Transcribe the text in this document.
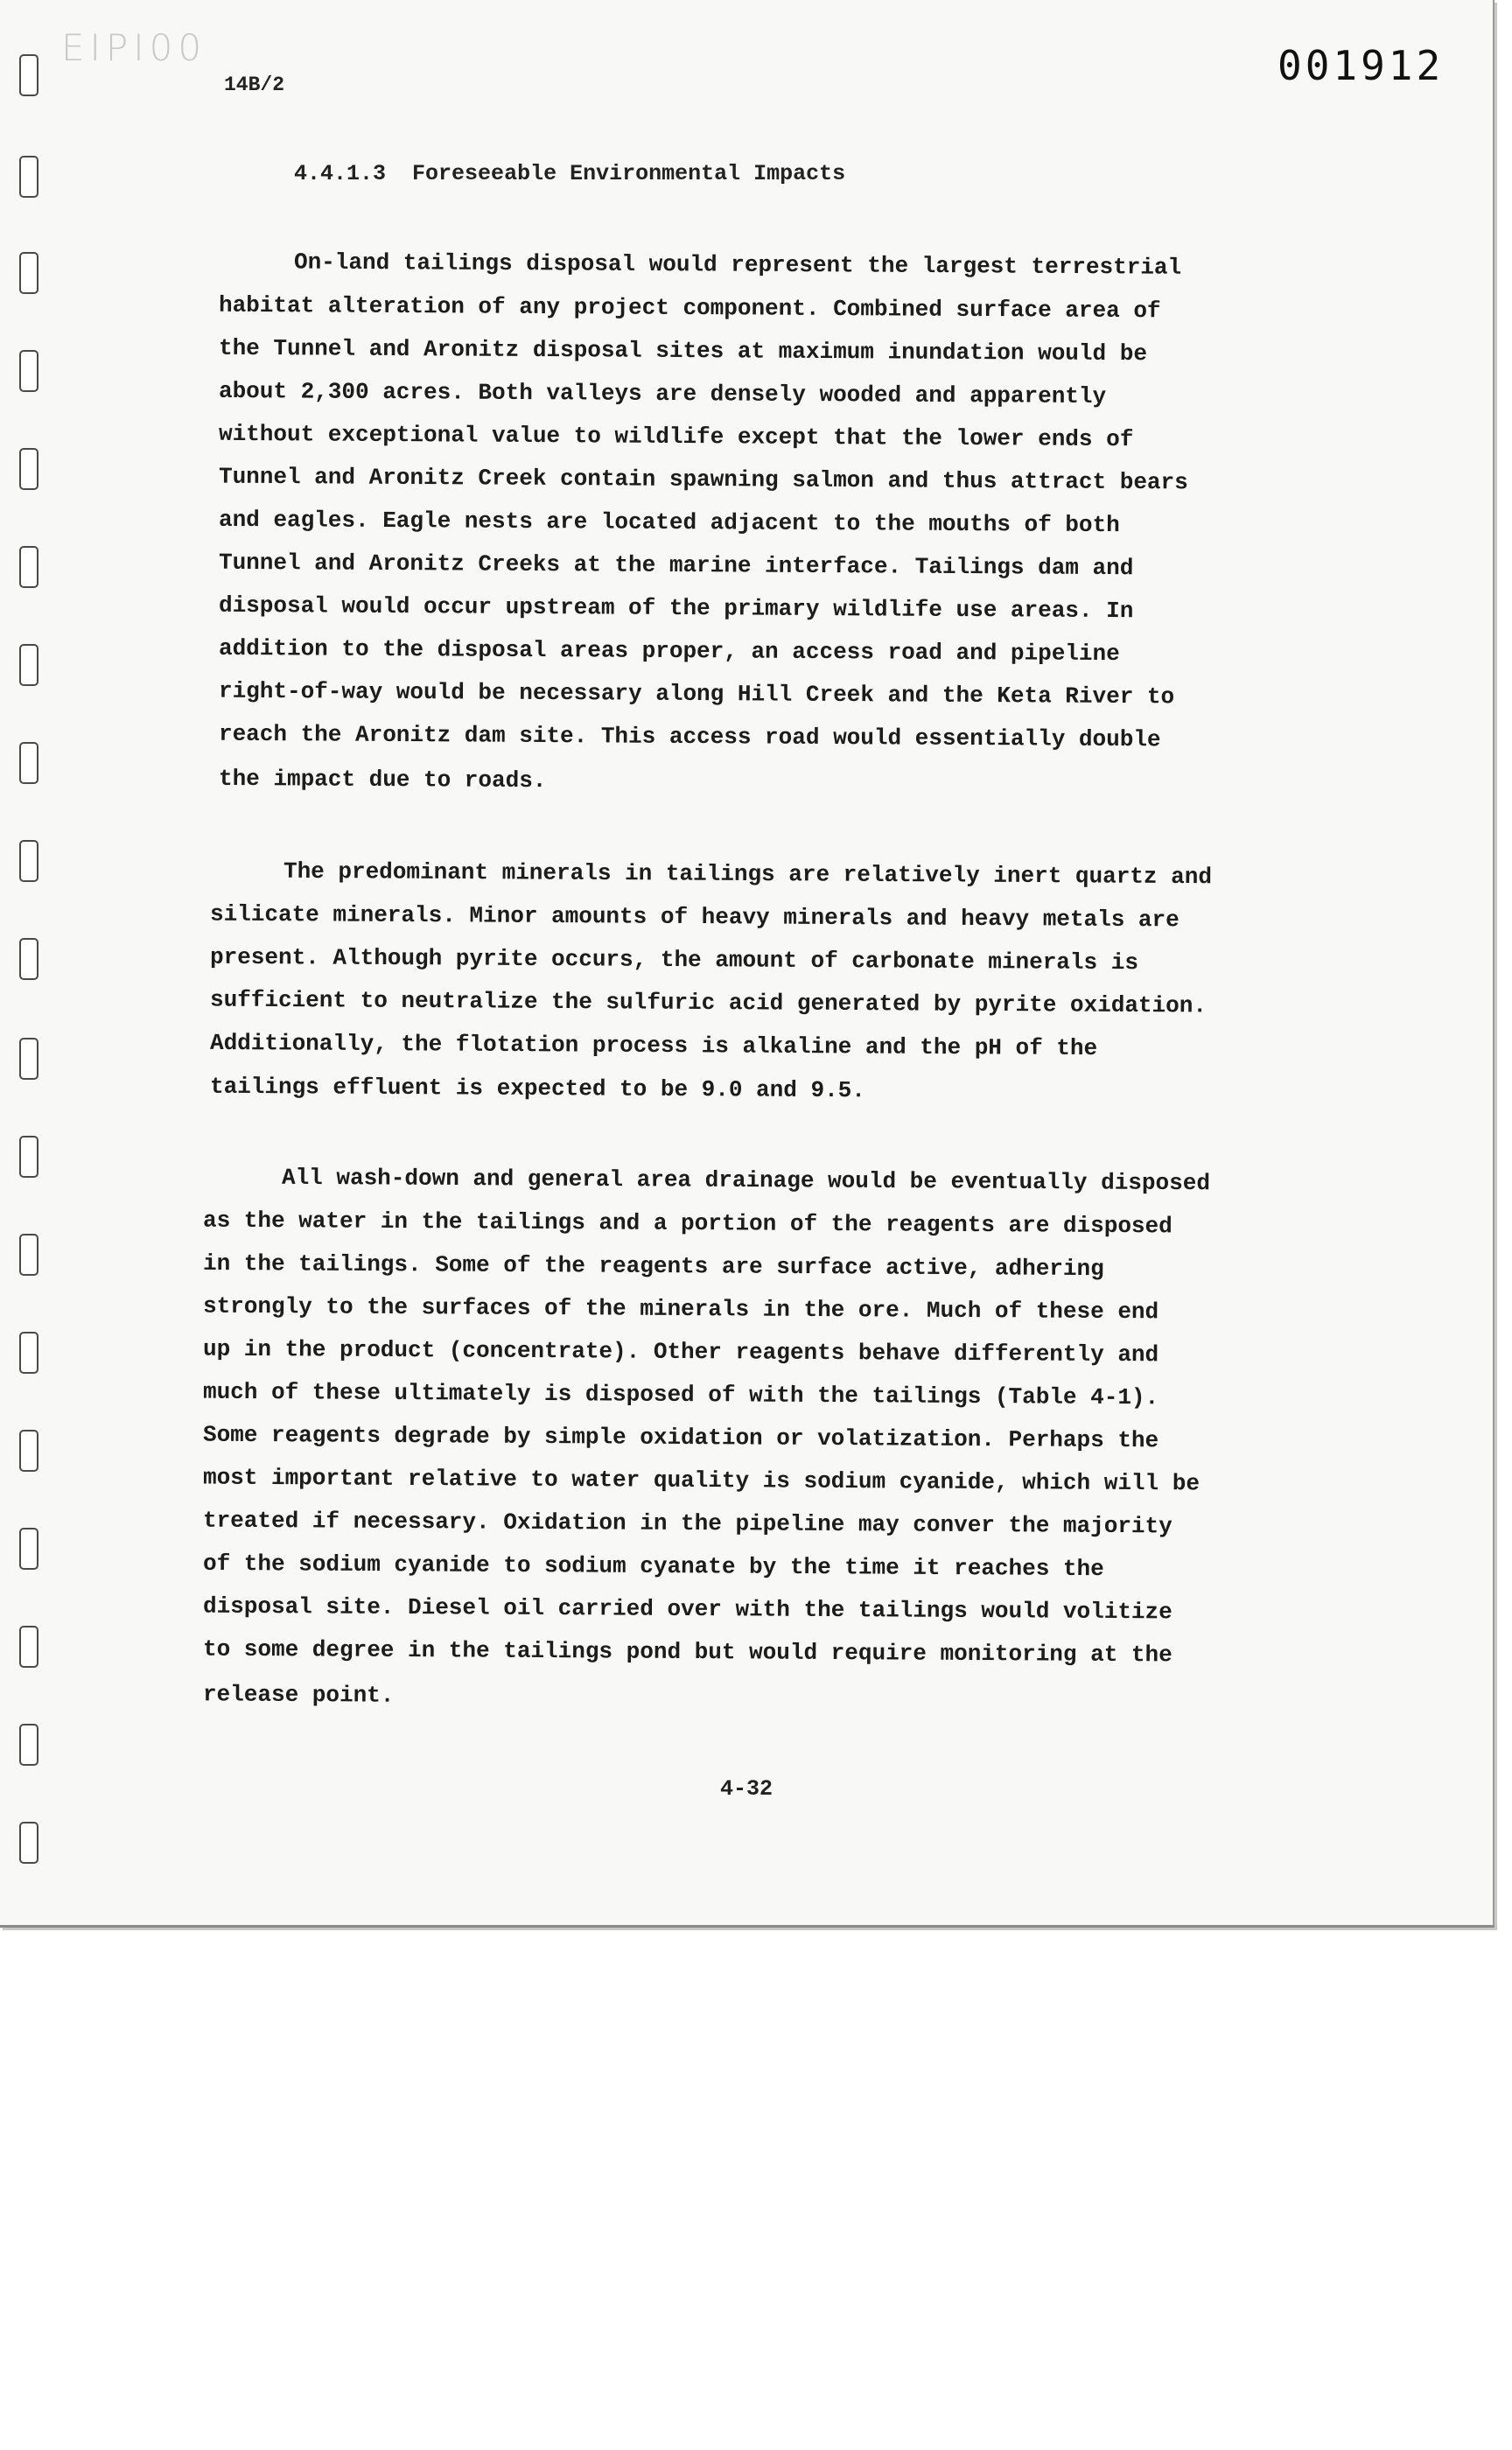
EIPI00
14B/2	001912
4.4.1.3 Foreseeable Environmental Impacts
On-land tailings disposal would represent the largest terrestrial
habitat alteration of any project component. Combined surface area of
the Tunnel and Aronitz disposal sites at maximum inundation would be
about 2,300 acres. Both valleys are densely wooded and apparently
without exceptional value to wildlife except that the lower ends of
Tunnel and Aronitz Creek contain spawning salmon and thus attract bears
and eagles. Eagle nests are located adjacent to the mouths of both
Tunnel and Aronitz Creeks at the marine interface. Tailings dam and
disposal would occur upstream of the primary wildlife use areas. In
addition to the disposal areas proper, an access road and pipeline
right-of-way would be necessary along Hill Creek and the Keta River to
reach the Aronitz dam site. This access road would essentially double
the impact due to roads.
The predominant minerals in tailings are relatively inert quartz and
silicate minerals. Minor amounts of heavy minerals and heavy metals are
present. Although pyrite occurs, the amount of carbonate minerals is
sufficient to neutralize the sulfuric acid generated by pyrite oxidation.
Additionally, the flotation process is alkaline and the pH of the
tailings effluent is expected to be 9.0 and 9.5.
All wash-down and general area drainage would be eventually disposed
as the water in the tailings and a portion of the reagents are disposed
in the tailings. Some of the reagents are surface active, adhering
strongly to the surfaces of the minerals in the ore. Much of these end
up in the product (concentrate). Other reagents behave differently and
much of these ultimately is disposed of with the tailings (Table 4-1).
Some reagents degrade by simple oxidation or volatization. Perhaps the
most important relative to water quality is sodium cyanide, which will be
treated if necessary. Oxidation in the pipeline may conver the majority
of the sodium cyanide to sodium cyanate by the time it reaches the
disposal site. Diesel oil carried over with the tailings would volitize
to some degree in the tailings pond but would require monitoring at the
release point.
4-32
